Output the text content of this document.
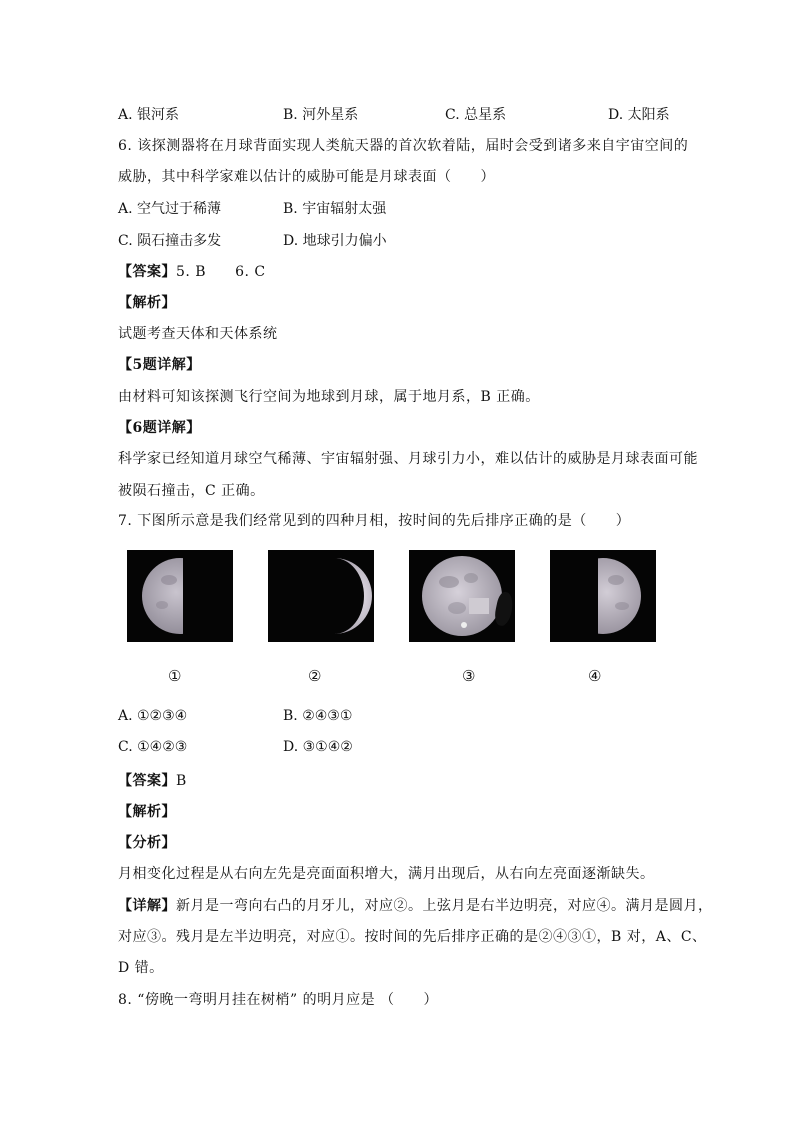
A. 银河系	B. 河外星系	C. 总星系	D. 太阳系
6. 该探测器将在月球背面实现人类航天器的首次软着陆，届时会受到诸多来自宇宙空间的
威胁，其中科学家难以估计的威胁可能是月球表面（　　）
A. 空气过于稀薄	B. 宇宙辐射太强
C. 陨石撞击多发	D. 地球引力偏小
【答案】5. B　　6. C
【解析】
试题考查天体和天体系统
【5题详解】
由材料可知该探测飞行空间为地球到月球，属于地月系，B 正确。
【6题详解】
科学家已经知道月球空气稀薄、宇宙辐射强、月球引力小，难以估计的威胁是月球表面可能
被陨石撞击，C 正确。
7. 下图所示意是我们经常见到的四种月相，按时间的先后排序正确的是（　　）
①	②	③	④
A. ①②③④	B. ②④③①
C. ①④②③	D. ③①④②
【答案】B
【解析】
【分析】
月相变化过程是从右向左先是亮面面积增大，满月出现后，从右向左亮面逐渐缺失。
【详解】新月是一弯向右凸的月牙儿，对应②。上弦月是右半边明亮，对应④。满月是圆月，
对应③。残月是左半边明亮，对应①。按时间的先后排序正确的是②④③①，B 对，A、C、
D 错。
8. “傍晚一弯明月挂在树梢” 的明月应是 （　　）
